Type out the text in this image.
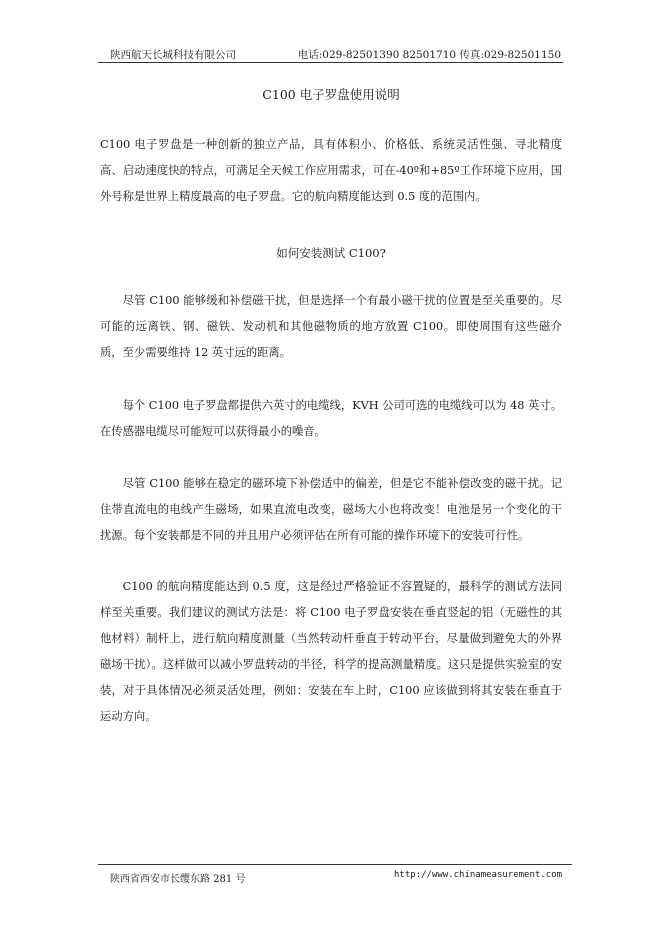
陕西航天长城科技有限公司	电话:029-82501390 82501710 传真:029-82501150
C100 电子罗盘使用说明

C100 电子罗盘是一种创新的独立产品，具有体积小、价格低、系统灵活性强、寻北精度高、启动速度快的特点，可满足全天候工作应用需求，可在-40º和+85º工作环境下应用，国外号称是世界上精度最高的电子罗盘。它的航向精度能达到 0.5 度的范围内。

如何安装测试 C100?

尽管 C100 能够缓和补偿磁干扰，但是选择一个有最小磁干扰的位置是至关重要的。尽可能的远离铁、钢、磁铁、发动机和其他磁物质的地方放置 C100。即使周围有这些磁介质，至少需要维持 12 英寸远的距离。

每个 C100 电子罗盘都提供六英寸的电缆线，KVH 公司可选的电缆线可以为 48 英寸。在传感器电缆尽可能短可以获得最小的噪音。

尽管 C100 能够在稳定的磁环境下补偿适中的偏差，但是它不能补偿改变的磁干扰。记住带直流电的电线产生磁场，如果直流电改变，磁场大小也将改变！电池是另一个变化的干扰源。每个安装都是不同的并且用户必须评估在所有可能的操作环境下的安装可行性。

C100 的航向精度能达到 0.5 度，这是经过严格验证不容置疑的，最科学的测试方法同样至关重要。我们建议的测试方法是：将 C100 电子罗盘安装在垂直竖起的铝（无磁性的其他材料）制杆上，进行航向精度测量（当然转动杆垂直于转动平台，尽量做到避免大的外界磁场干扰）。这样做可以减小罗盘转动的半径，科学的提高测量精度。这只是提供实验室的安装，对于具体情况必须灵活处理，例如：安装在车上时，C100 应该做到将其安装在垂直于运动方向。

陕西省西安市长缨东路 281 号	http://www.chinameasurement.com
